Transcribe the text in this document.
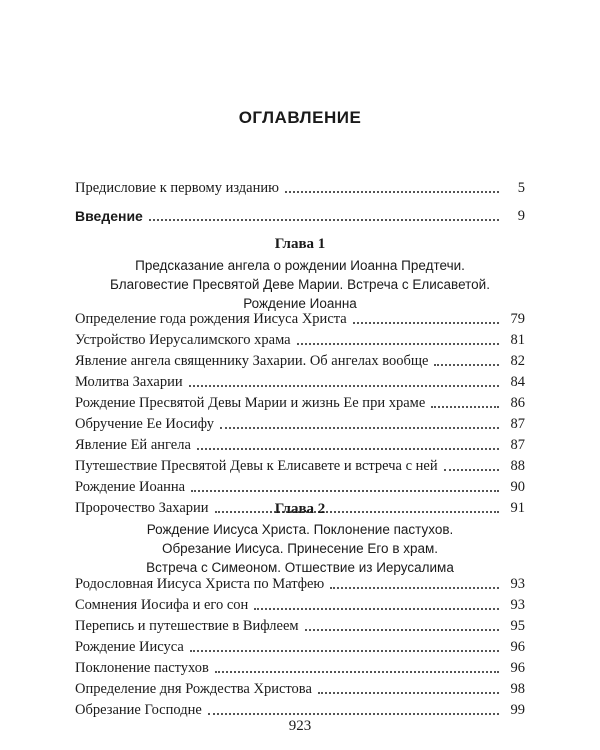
ОГЛАВЛЕНИЕ
Предисловие к первому изданию	5
Введение	9
Глава 1
Предсказание ангела о рождении Иоанна Предтечи.
Благовестие Пресвятой Деве Марии. Встреча с Елисаветой.
Рождение Иоанна
Определение года рождения Иисуса Христа	79
Устройство Иерусалимского храма	81
Явление ангела священнику Захарии. Об ангелах вообще	82
Молитва Захарии	84
Рождение Пресвятой Девы Марии и жизнь Ее при храме	86
Обручение Ее Иосифу	87
Явление Ей ангела	87
Путешествие Пресвятой Девы к Елисавете и встреча с ней	88
Рождение Иоанна	90
Пророчество Захарии	91
Глава 2
Рождение Иисуса Христа. Поклонение пастухов.
Обрезание Иисуса. Принесение Его в храм.
Встреча с Симеоном. Отшествие из Иерусалима
Родословная Иисуса Христа по Матфею	93
Сомнения Иосифа и его сон	93
Перепись и путешествие в Вифлеем	95
Рождение Иисуса	96
Поклонение пастухов	96
Определение дня Рождества Христова	98
Обрезание Господне	99
923
